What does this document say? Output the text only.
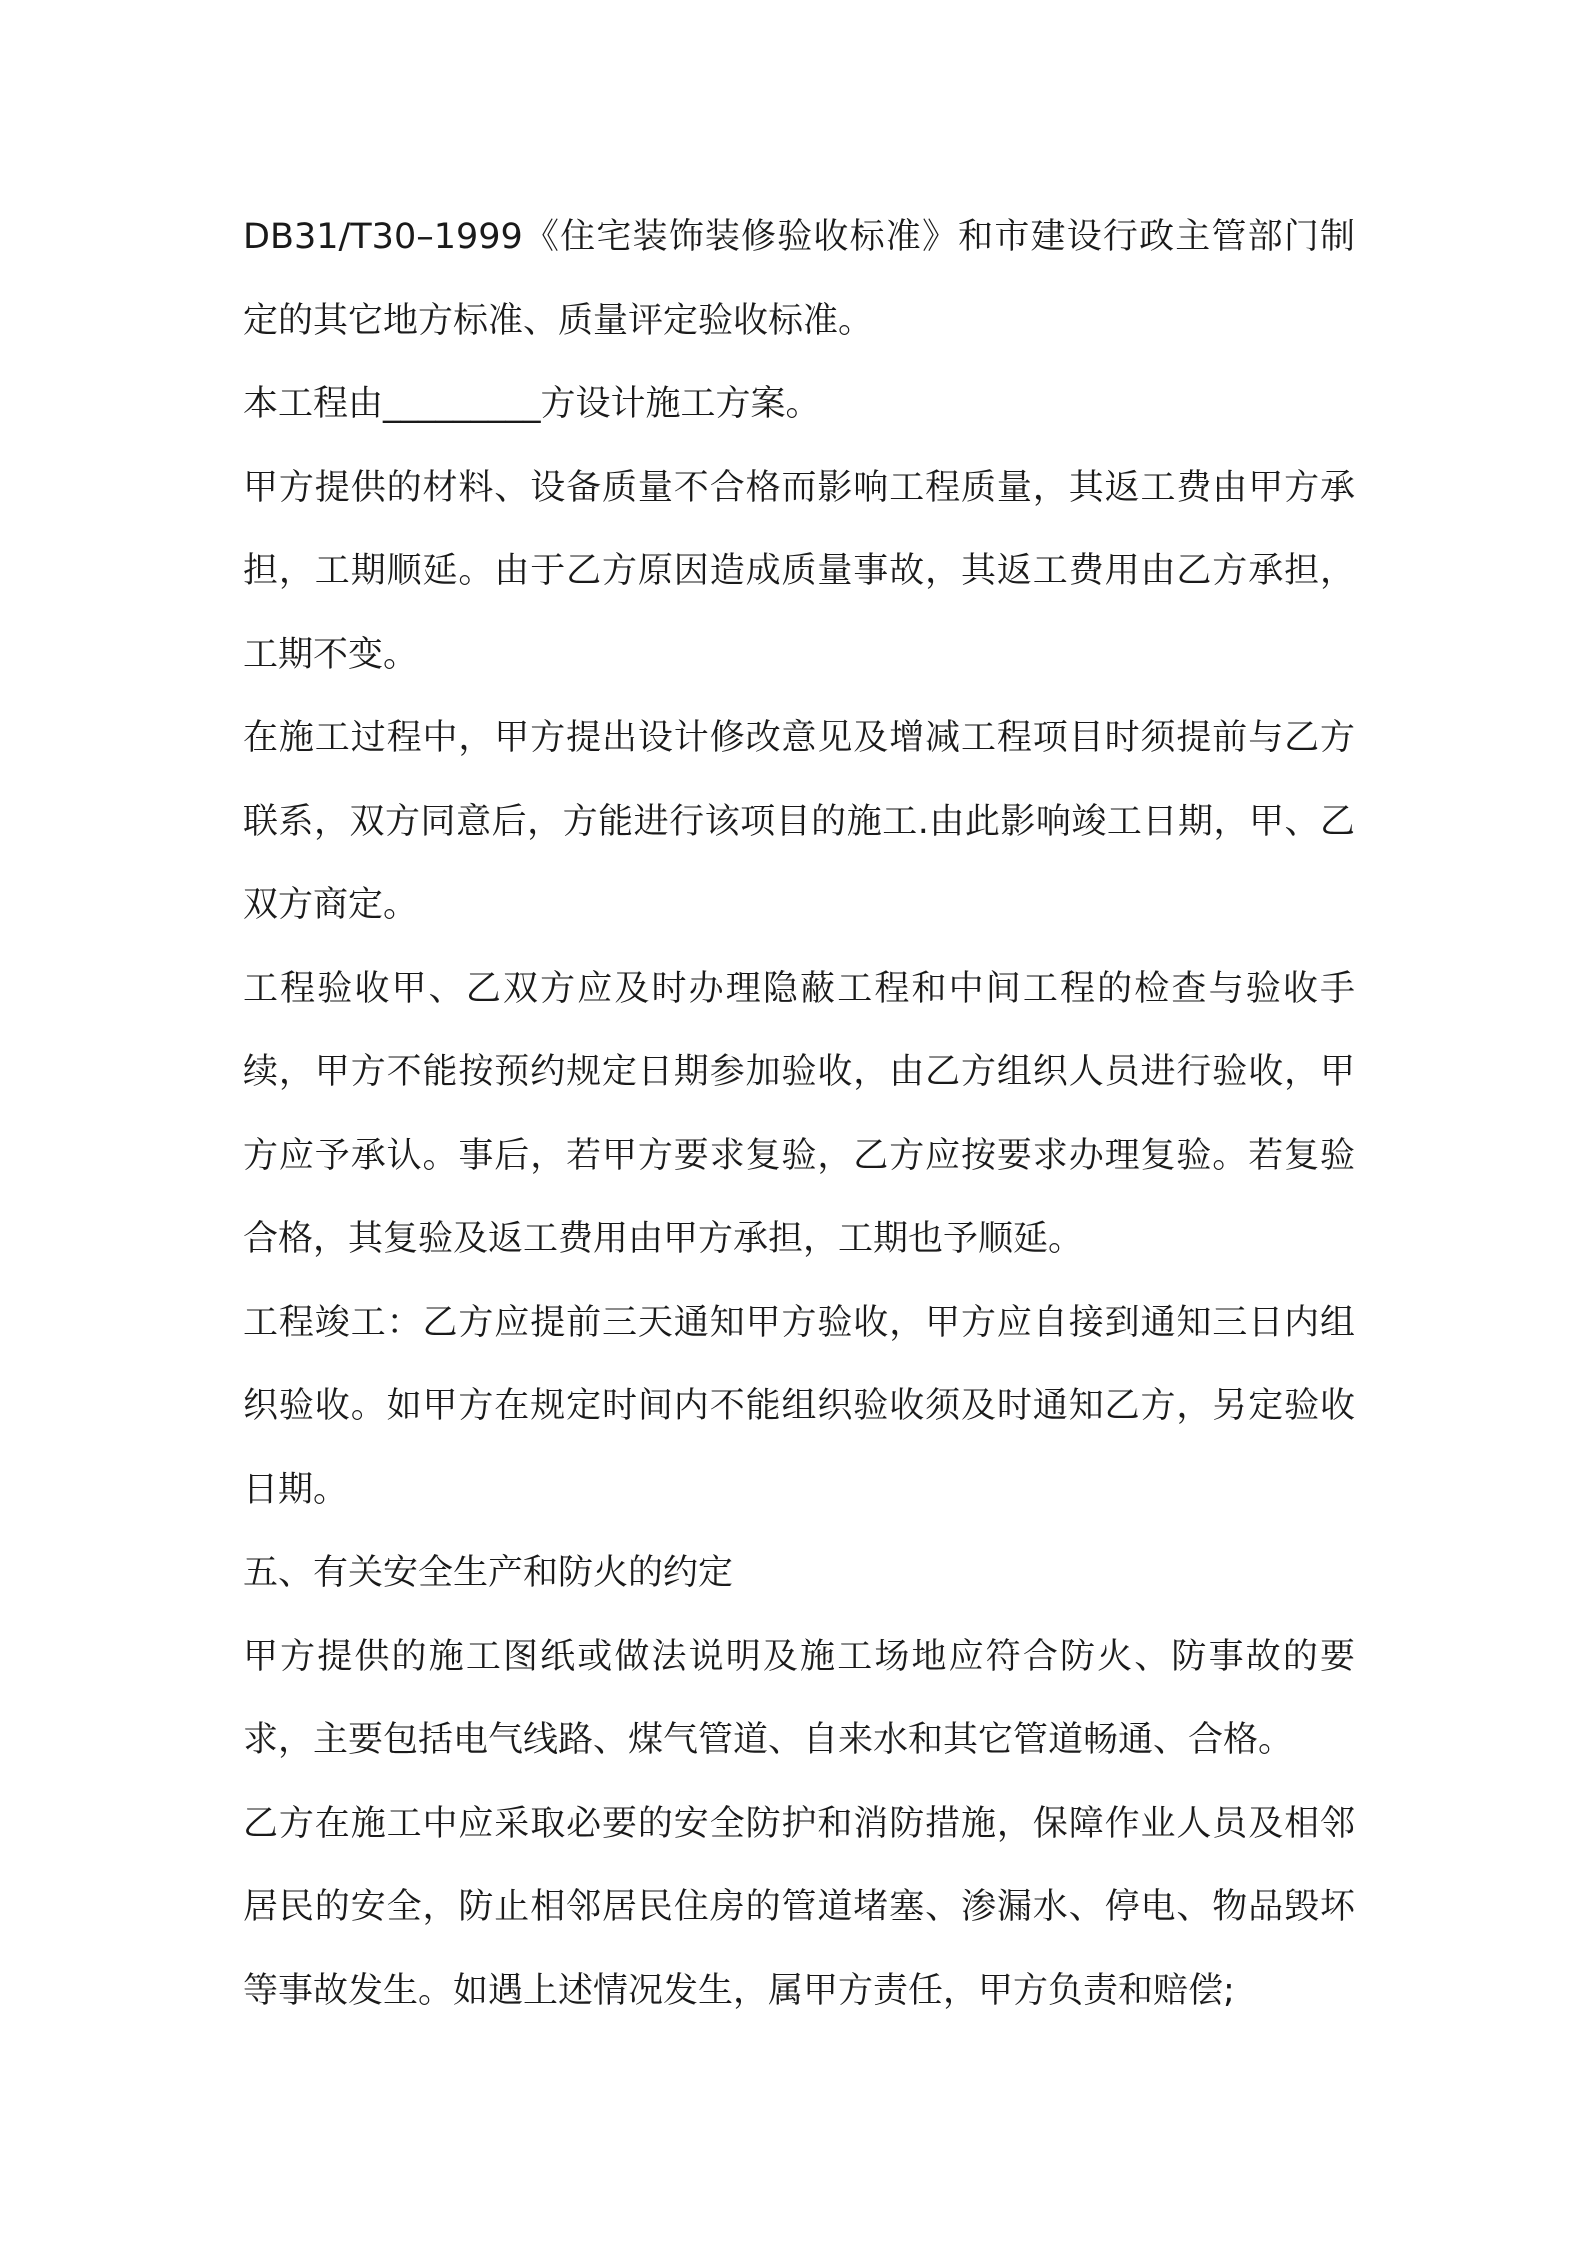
DB31/T30–1999《住宅装饰装修验收标准》和市建设行政主管部门制定的其它地方标准、质量评定验收标准。

本工程由_________方设计施工方案。

甲方提供的材料、设备质量不合格而影响工程质量，其返工费由甲方承担，工期顺延。由于乙方原因造成质量事故，其返工费用由乙方承担，工期不变。

在施工过程中，甲方提出设计修改意见及增减工程项目时须提前与乙方联系，双方同意后，方能进行该项目的施工.由此影响竣工日期，甲、乙双方商定。

工程验收甲、乙双方应及时办理隐蔽工程和中间工程的检查与验收手续，甲方不能按预约规定日期参加验收，由乙方组织人员进行验收，甲方应予承认。事后，若甲方要求复验，乙方应按要求办理复验。若复验合格，其复验及返工费用由甲方承担，工期也予顺延。

工程竣工：乙方应提前三天通知甲方验收，甲方应自接到通知三日内组织验收。如甲方在规定时间内不能组织验收须及时通知乙方，另定验收日期。

五、有关安全生产和防火的约定

甲方提供的施工图纸或做法说明及施工场地应符合防火、防事故的要求，主要包括电气线路、煤气管道、自来水和其它管道畅通、合格。

乙方在施工中应采取必要的安全防护和消防措施，保障作业人员及相邻居民的安全，防止相邻居民住房的管道堵塞、渗漏水、停电、物品毁坏等事故发生。如遇上述情况发生，属甲方责任，甲方负责和赔偿;
